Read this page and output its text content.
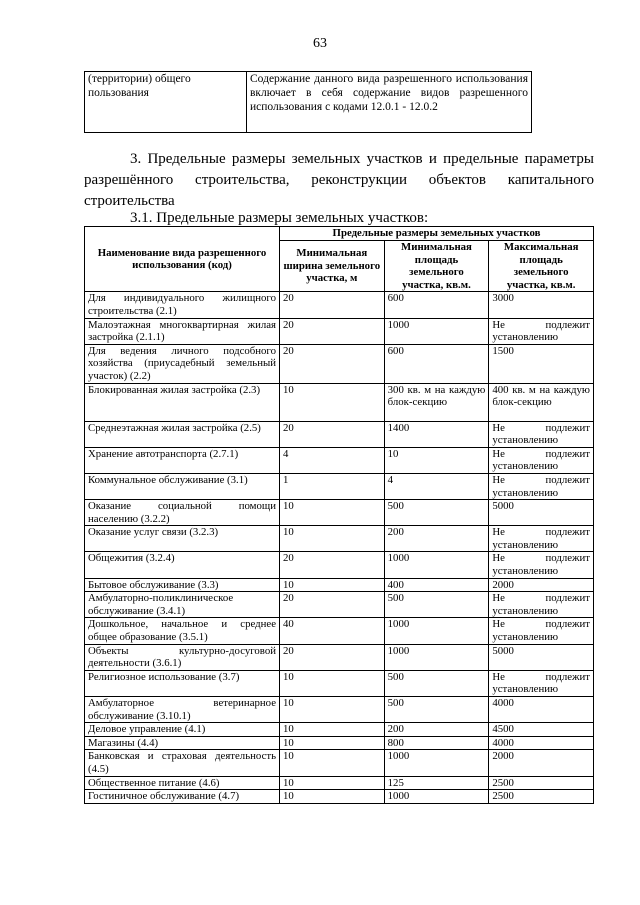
63
(территории) общего пользования	Содержание данного вида разрешенного использования включает в себя содержание видов разрешенного использования с кодами 12.0.1 - 12.0.2
3. Предельные размеры земельных участков и предельные параметры разрешённого строительства, реконструкции объектов капитального строительства
3.1. Предельные размеры земельных участков:
Наименование вида разрешенного использования (код)	Предельные размеры земельных участков		
	Минимальная ширина земельного участка, м	Минимальная площадь земельного участка, кв.м.	Максимальная площадь земельного участка, кв.м.
Для индивидуального жилищного строительства (2.1)	20	600	3000
Малоэтажная многоквартирная жилая застройка (2.1.1)	20	1000	Не подлежит установлению
Для ведения личного подсобного хозяйства (приусадебный земельный участок) (2.2)	20	600	1500
Блокированная жилая застройка (2.3)	10	300 кв. м на каждую блок-секцию	400 кв. м на каждую блок-секцию
Среднеэтажная жилая застройка (2.5)	20	1400	Не подлежит установлению
Хранение автотранспорта (2.7.1)	4	10	Не подлежит установлению
Коммунальное обслуживание (3.1)	1	4	Не подлежит установлению
Оказание социальной помощи населению (3.2.2)	10	500	5000
Оказание услуг связи (3.2.3)	10	200	Не подлежит установлению
Общежития (3.2.4)	20	1000	Не подлежит установлению
Бытовое обслуживание (3.3)	10	400	2000
Амбулаторно-поликлиническое обслуживание (3.4.1)	20	500	Не подлежит установлению
Дошкольное, начальное и среднее общее образование (3.5.1)	40	1000	Не подлежит установлению
Объекты культурно-досуговой деятельности (3.6.1)	20	1000	5000
Религиозное использование (3.7)	10	500	Не подлежит установлению
Амбулаторное ветеринарное обслуживание (3.10.1)	10	500	4000
Деловое управление (4.1)	10	200	4500
Магазины (4.4)	10	800	4000
Банковская и страховая деятельность (4.5)	10	1000	2000
Общественное питание (4.6)	10	125	2500
Гостиничное обслуживание (4.7)	10	1000	2500
